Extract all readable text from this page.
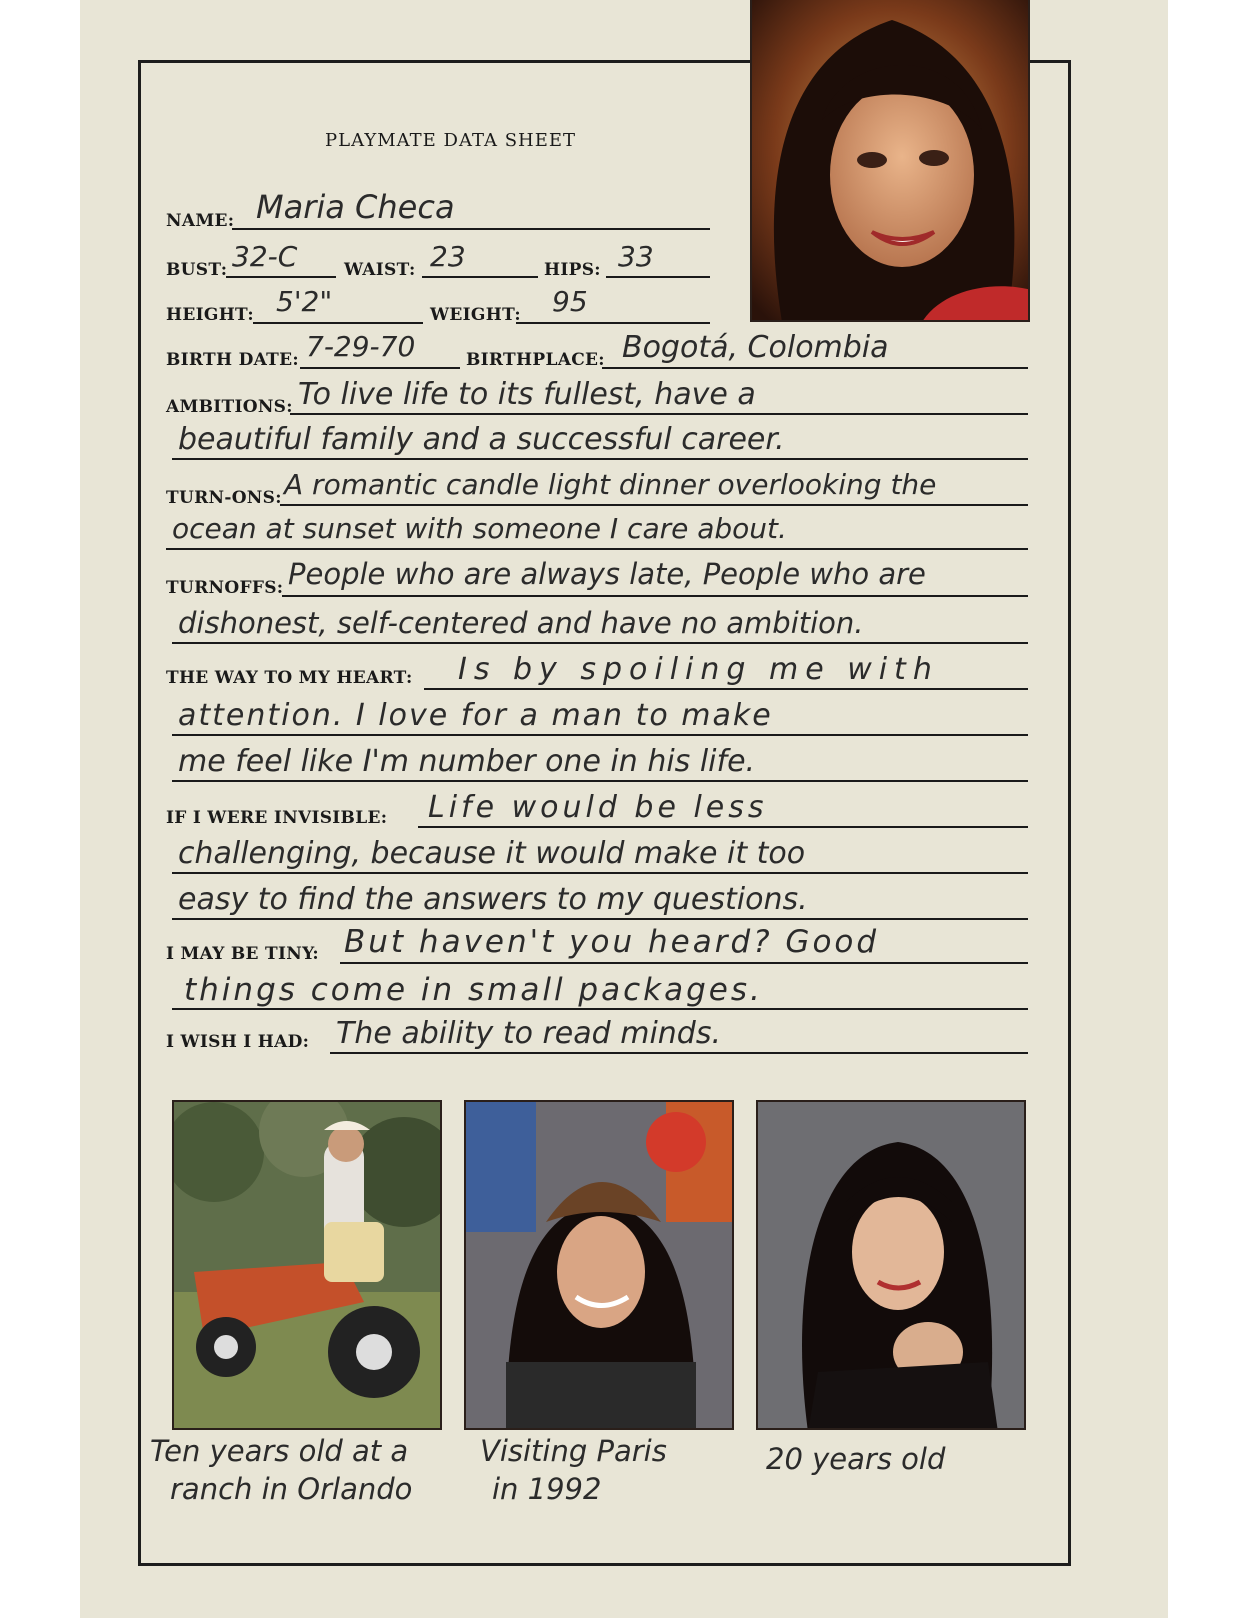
PLAYMATE DATA SHEET
NAME: Maria Checa
BUST: 32-C	WAIST: 23	HIPS: 33
HEIGHT: 5'2"	WEIGHT: 95
BIRTH DATE: 7-29-70	BIRTHPLACE: Bogotá, Colombia
AMBITIONS: To live life to its fullest, have a
beautiful family and a successful career.
TURN-ONS: A romantic candle light dinner overlooking the
ocean at sunset with someone I care about.
TURNOFFS: People who are always late, People who are
dishonest, self-centered and have no ambition.
THE WAY TO MY HEART: Is by spoiling me with
attention. I love for a man to make
me feel like I'm number one in his life.
IF I WERE INVISIBLE: Life would be less
challenging, because it would make it too
easy to find the answers to my questions.
I MAY BE TINY: But haven't you heard? Good
things come in small packages.
I WISH I HAD: The ability to read minds.
Ten years old at a
ranch in Orlando
Visiting Paris
in 1992
20 years old
